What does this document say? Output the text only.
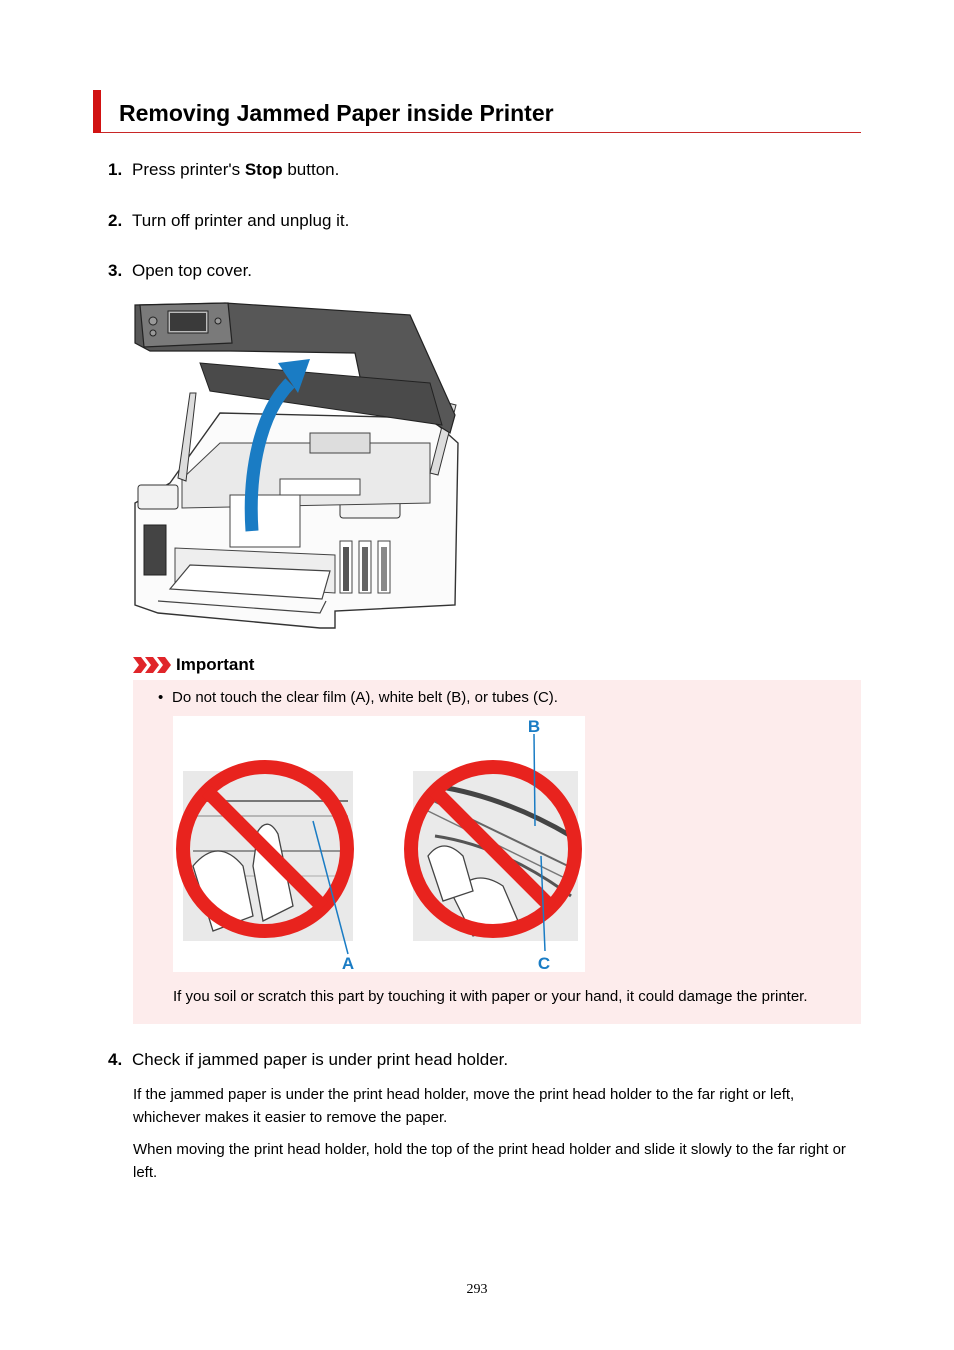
Removing Jammed Paper inside Printer
1. Press printer's Stop button.
2. Turn off printer and unplug it.
3. Open top cover.
Important
• Do not touch the clear film (A), white belt (B), or tubes (C).
A
B
C
If you soil or scratch this part by touching it with paper or your hand, it could damage the printer.
4. Check if jammed paper is under print head holder.

If the jammed paper is under the print head holder, move the print head holder to the far right or left, whichever makes it easier to remove the paper.

When moving the print head holder, hold the top of the print head holder and slide it slowly to the far right or left.

293
